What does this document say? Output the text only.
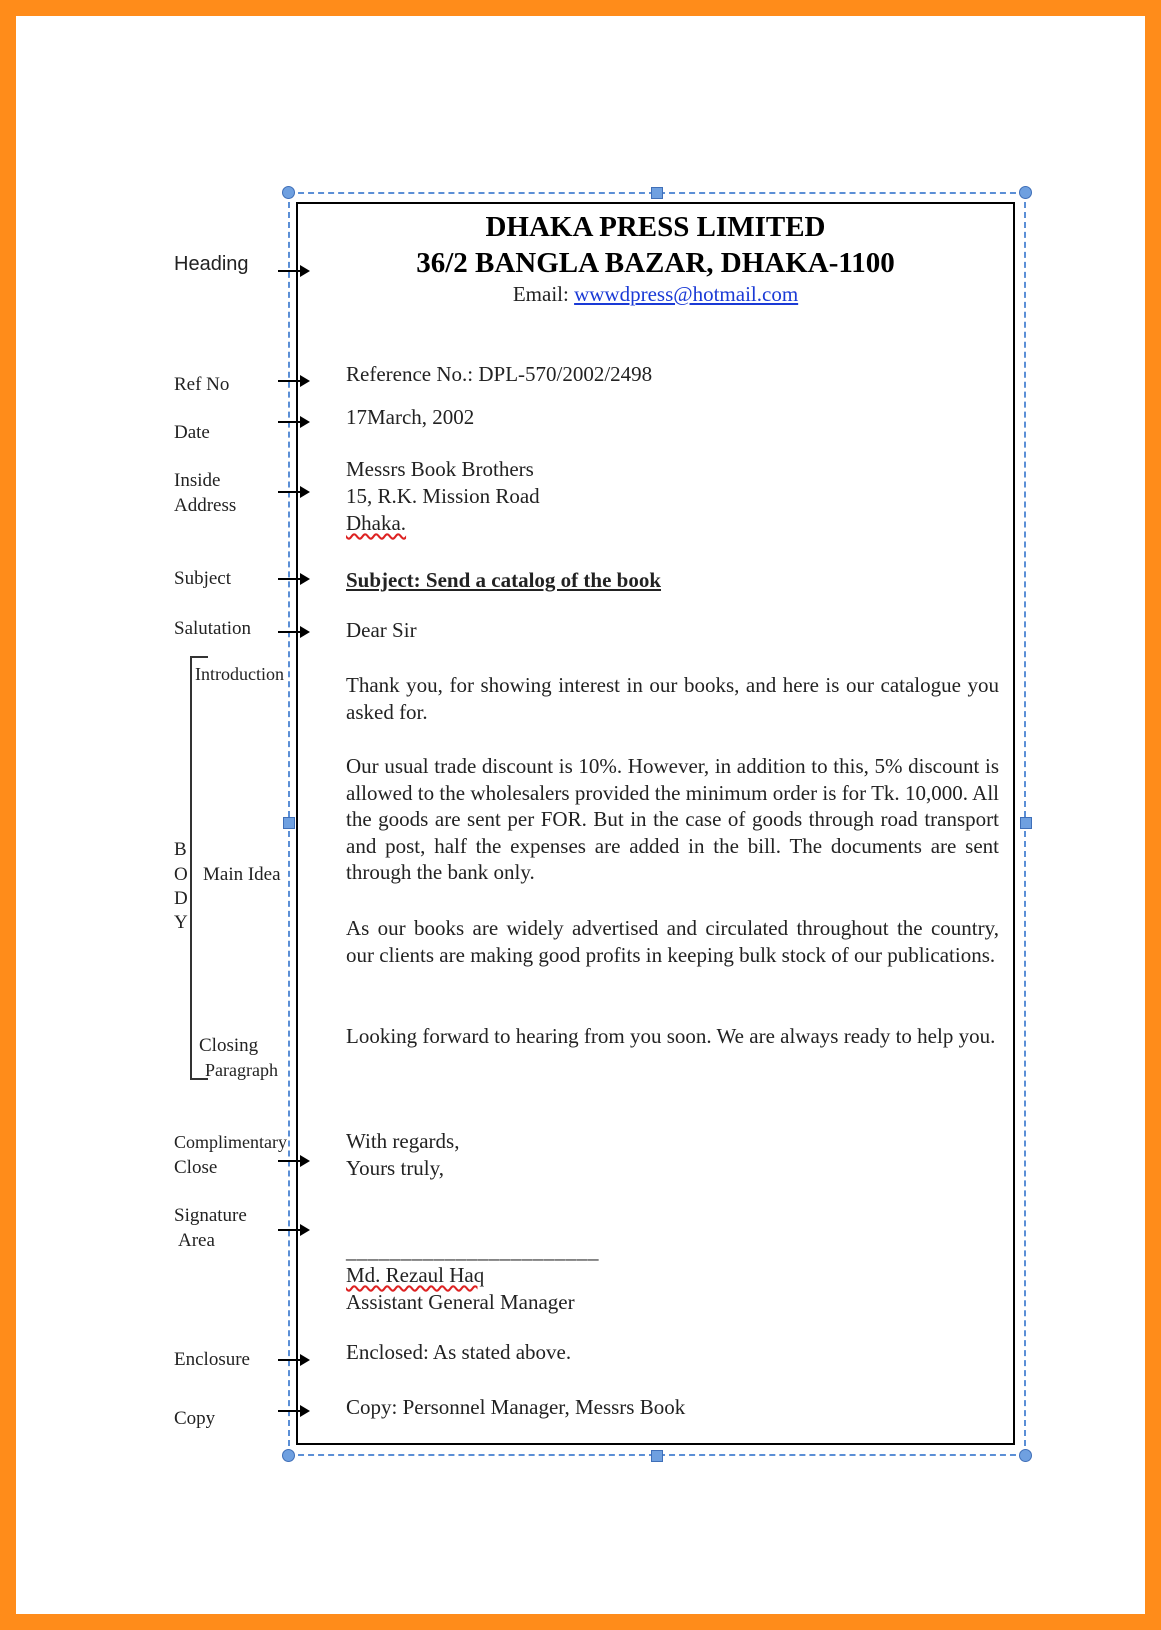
Heading

Ref No

Date

Inside

Address

Subject

Salutation

Introduction

B

O

D

Y

Main Idea

Closing

Paragraph

Complimentary

Close

Signature

Area

Enclosure

Copy

DHAKA PRESS LIMITED

36/2 BANGLA BAZAR, DHAKA-1100

Email: wwwdpress@hotmail.com

Reference No.: DPL-570/2002/2498

17March, 2002

Messrs Book Brothers

15, R.K. Mission Road

Dhaka.

Subject: Send a catalog of the book

Dear Sir

Thank you, for showing interest in our books, and here is our catalogue you asked for.

Our usual trade discount is 10%. However, in addition to this, 5% discount is allowed to the wholesalers provided the minimum order is for Tk. 10,000. All the goods are sent per FOR. But in the case of goods through road transport and post, half the expenses are added in the bill. The documents are sent through the bank only.

As our books are widely advertised and circulated throughout the country, our clients are making good profits in keeping bulk stock of our publications.

Looking forward to hearing from you soon. We are always ready to help you.

With regards,

Yours truly,

_______________________

Md. Rezaul Haq

Assistant General Manager

Enclosed: As stated above.

Copy: Personnel Manager, Messrs Book
